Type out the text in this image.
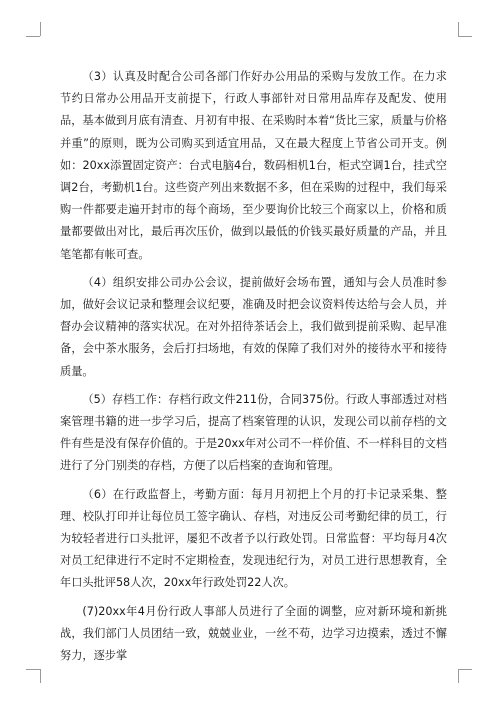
（3）认真及时配合公司各部门作好办公用品的采购与发放工作。在力求节约日常办公用品开支前提下，行政人事部针对日常用品库存及配发、使用品，基本做到月底有清查、月初有申报、在采购时本着“货比三家，质量与价格并重”的原则，既为公司购买到适宜用品，又在最大程度上节省公司开支。例如：20xx添置固定资产：台式电脑4台，数码相机1台，柜式空调1台，挂式空调2台，考勤机1台。这些资产列出来数据不多，但在采购的过程中，我们每采购一件都要走遍开封市的每个商场，至少要询价比较三个商家以上，价格和质量都要做出对比，最后再次压价，做到以最低的价钱买最好质量的产品，并且笔笔都有帐可查。

（4）组织安排公司办公会议，提前做好会场布置，通知与会人员准时参加，做好会议记录和整理会议纪要，准确及时把会议资料传达给与会人员，并督办会议精神的落实状况。在对外招待茶话会上，我们做到提前采购、起早准备，会中茶水服务，会后打扫场地，有效的保障了我们对外的接待水平和接待质量。

（5）存档工作：存档行政文件211份，合同375份。行政人事部透过对档案管理书籍的进一步学习后，提高了档案管理的认识，发现公司以前存档的文件有些是没有保存价值的。于是20xx年对公司不一样价值、不一样科目的文档进行了分门别类的存档，方便了以后档案的查询和管理。

（6）在行政监督上，考勤方面：每月月初把上个月的打卡记录采集、整理、校队打印并让每位员工签字确认、存档，对违反公司考勤纪律的员工，行为较轻者进行口头批评，屡犯不改者予以行政处罚。日常监督：平均每月4次对员工纪律进行不定时不定期检查，发现违纪行为，对员工进行思想教育，全年口头批评58人次，20xx年行政处罚22人次。

(7)20xx年4月份行政人事部人员进行了全面的调整，应对新环境和新挑战，我们部门人员团结一致，兢兢业业，一丝不苟，边学习边摸索，透过不懈努力，逐步掌
